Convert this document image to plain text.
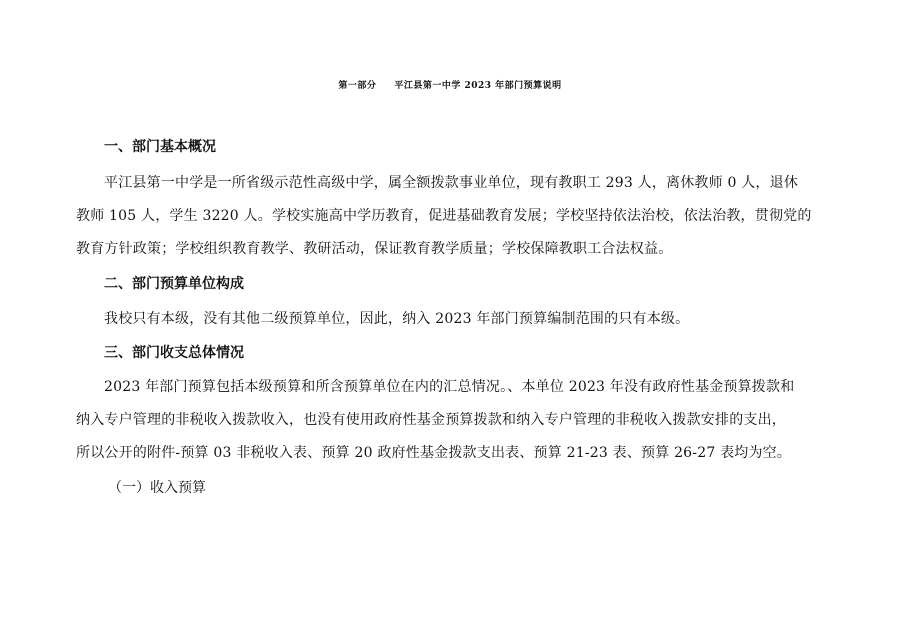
第一部分 平江县第一中学 2023 年部门预算说明
一、部门基本概况
平江县第一中学是一所省级示范性高级中学，属全额拨款事业单位，现有教职工 293 人，离休教师 0 人，退休
教师 105 人，学生 3220 人。学校实施高中学历教育，促进基础教育发展；学校坚持依法治校，依法治教，贯彻党的
教育方针政策；学校组织教育教学、教研活动，保证教育教学质量；学校保障教职工合法权益。
二、部门预算单位构成
我校只有本级，没有其他二级预算单位，因此，纳入 2023 年部门预算编制范围的只有本级。
三、部门收支总体情况
2023 年部门预算包括本级预算和所含预算单位在内的汇总情况。、本单位 2023 年没有政府性基金预算拨款和
纳入专户管理的非税收入拨款收入，也没有使用政府性基金预算拨款和纳入专户管理的非税收入拨款安排的支出，
所以公开的附件-预算 03 非税收入表、预算 20 政府性基金拨款支出表、预算 21-23 表、预算 26-27 表均为空。
（一）收入预算
